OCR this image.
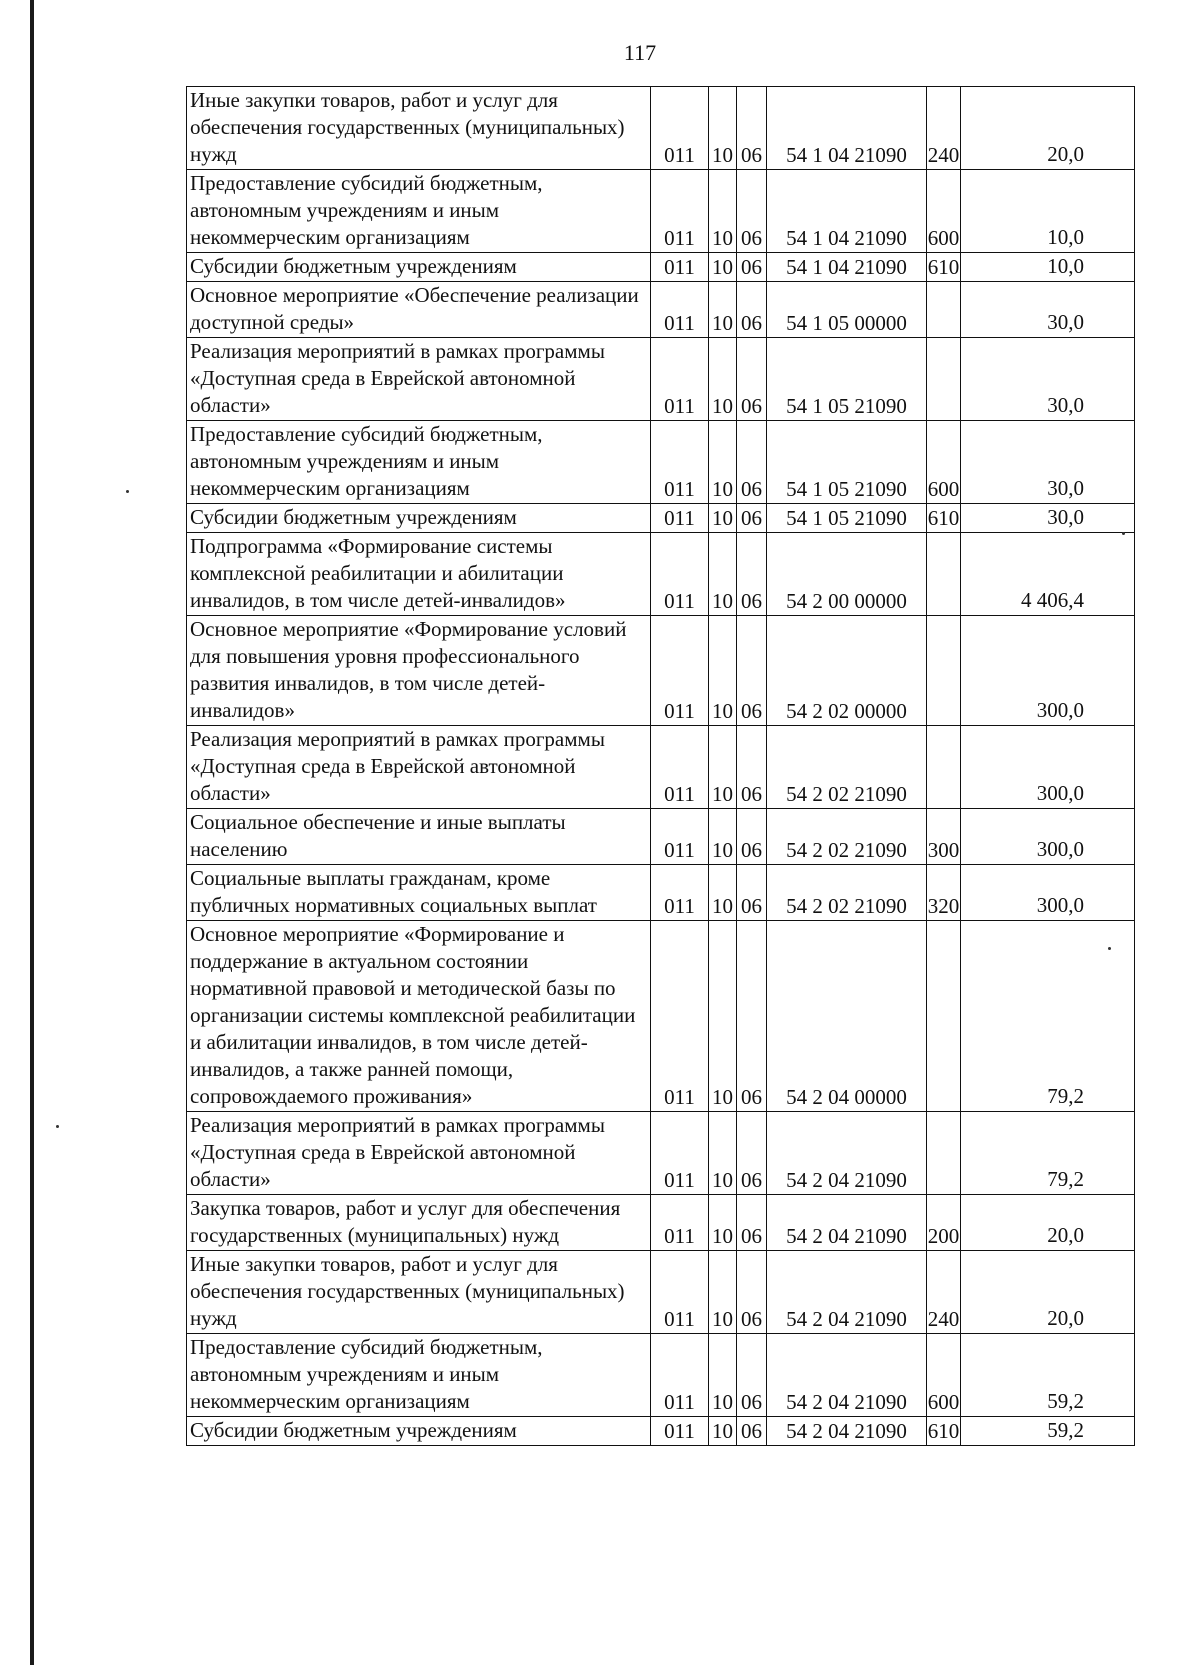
117
Иные закупки товаров, работ и услуг для обеспечения государственных (муниципальных) нужд	011	10	06	54 1 04 21090	240	20,0
Предоставление субсидий бюджетным, автономным учреждениям и иным некоммерческим организациям	011	10	06	54 1 04 21090	600	10,0
Субсидии бюджетным учреждениям	011	10	06	54 1 04 21090	610	10,0
Основное мероприятие «Обеспечение реализации доступной среды»	011	10	06	54 1 05 00000		30,0
Реализация мероприятий в рамках программы «Доступная среда в Еврейской автономной области»	011	10	06	54 1 05 21090		30,0
Предоставление субсидий бюджетным, автономным учреждениям и иным некоммерческим организациям	011	10	06	54 1 05 21090	600	30,0
Субсидии бюджетным учреждениям	011	10	06	54 1 05 21090	610	30,0
Подпрограмма «Формирование системы комплексной реабилитации и абилитации инвалидов, в том числе детей-инвалидов»	011	10	06	54 2 00 00000		4 406,4
Основное мероприятие «Формирование условий для повышения уровня профессионального развития инвалидов, в том числе детей-инвалидов»	011	10	06	54 2 02 00000		300,0
Реализация мероприятий в рамках программы «Доступная среда в Еврейской автономной области»	011	10	06	54 2 02 21090		300,0
Социальное обеспечение и иные выплаты населению	011	10	06	54 2 02 21090	300	300,0
Социальные выплаты гражданам, кроме публичных нормативных социальных выплат	011	10	06	54 2 02 21090	320	300,0
Основное мероприятие «Формирование и поддержание в актуальном состоянии нормативной правовой и методической базы по организации системы комплексной реабилитации и абилитации инвалидов, в том числе детей-инвалидов, а также ранней помощи, сопровождаемого проживания»	011	10	06	54 2 04 00000		79,2
Реализация мероприятий в рамках программы «Доступная среда в Еврейской автономной области»	011	10	06	54 2 04 21090		79,2
Закупка товаров, работ и услуг для обеспечения государственных (муниципальных) нужд	011	10	06	54 2 04 21090	200	20,0
Иные закупки товаров, работ и услуг для обеспечения государственных (муниципальных) нужд	011	10	06	54 2 04 21090	240	20,0
Предоставление субсидий бюджетным, автономным учреждениям и иным некоммерческим организациям	011	10	06	54 2 04 21090	600	59,2
Субсидии бюджетным учреждениям	011	10	06	54 2 04 21090	610	59,2
